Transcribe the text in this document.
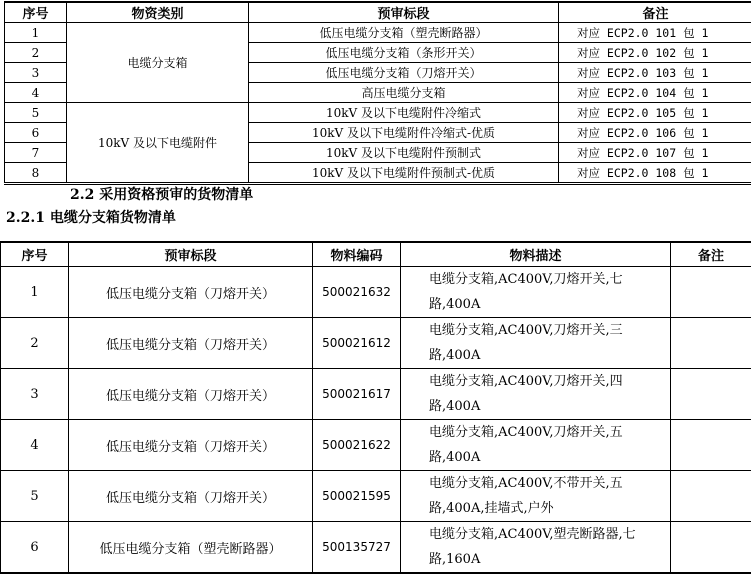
序号	物资类别	预审标段	备注
1	电缆分支箱	低压电缆分支箱（塑壳断路器）	对应 ECP2.0 101 包 1
2		低压电缆分支箱（条形开关）	对应 ECP2.0 102 包 1
3		低压电缆分支箱（刀熔开关）	对应 ECP2.0 103 包 1
4		高压电缆分支箱	对应 ECP2.0 104 包 1
5	10kV 及以下电缆附件	10kV 及以下电缆附件冷缩式	对应 ECP2.0 105 包 1
6		10kV 及以下电缆附件冷缩式-优质	对应 ECP2.0 106 包 1
7		10kV 及以下电缆附件预制式	对应 ECP2.0 107 包 1
8		10kV 及以下电缆附件预制式-优质	对应 ECP2.0 108 包 1
2.2 采用资格预审的货物清单
2.2.1 电缆分支箱货物清单
序号	预审标段	物料编码	物料描述	备注
1	低压电缆分支箱（刀熔开关）	500021632	电缆分支箱,AC400V,刀熔开关,七路,400A	
2	低压电缆分支箱（刀熔开关）	500021612	电缆分支箱,AC400V,刀熔开关,三路,400A	
3	低压电缆分支箱（刀熔开关）	500021617	电缆分支箱,AC400V,刀熔开关,四路,400A	
4	低压电缆分支箱（刀熔开关）	500021622	电缆分支箱,AC400V,刀熔开关,五路,400A	
5	低压电缆分支箱（刀熔开关）	500021595	电缆分支箱,AC400V,不带开关,五路,400A,挂墙式,户外	
6	低压电缆分支箱（塑壳断路器）	500135727	电缆分支箱,AC400V,塑壳断路器,七路,160A	
